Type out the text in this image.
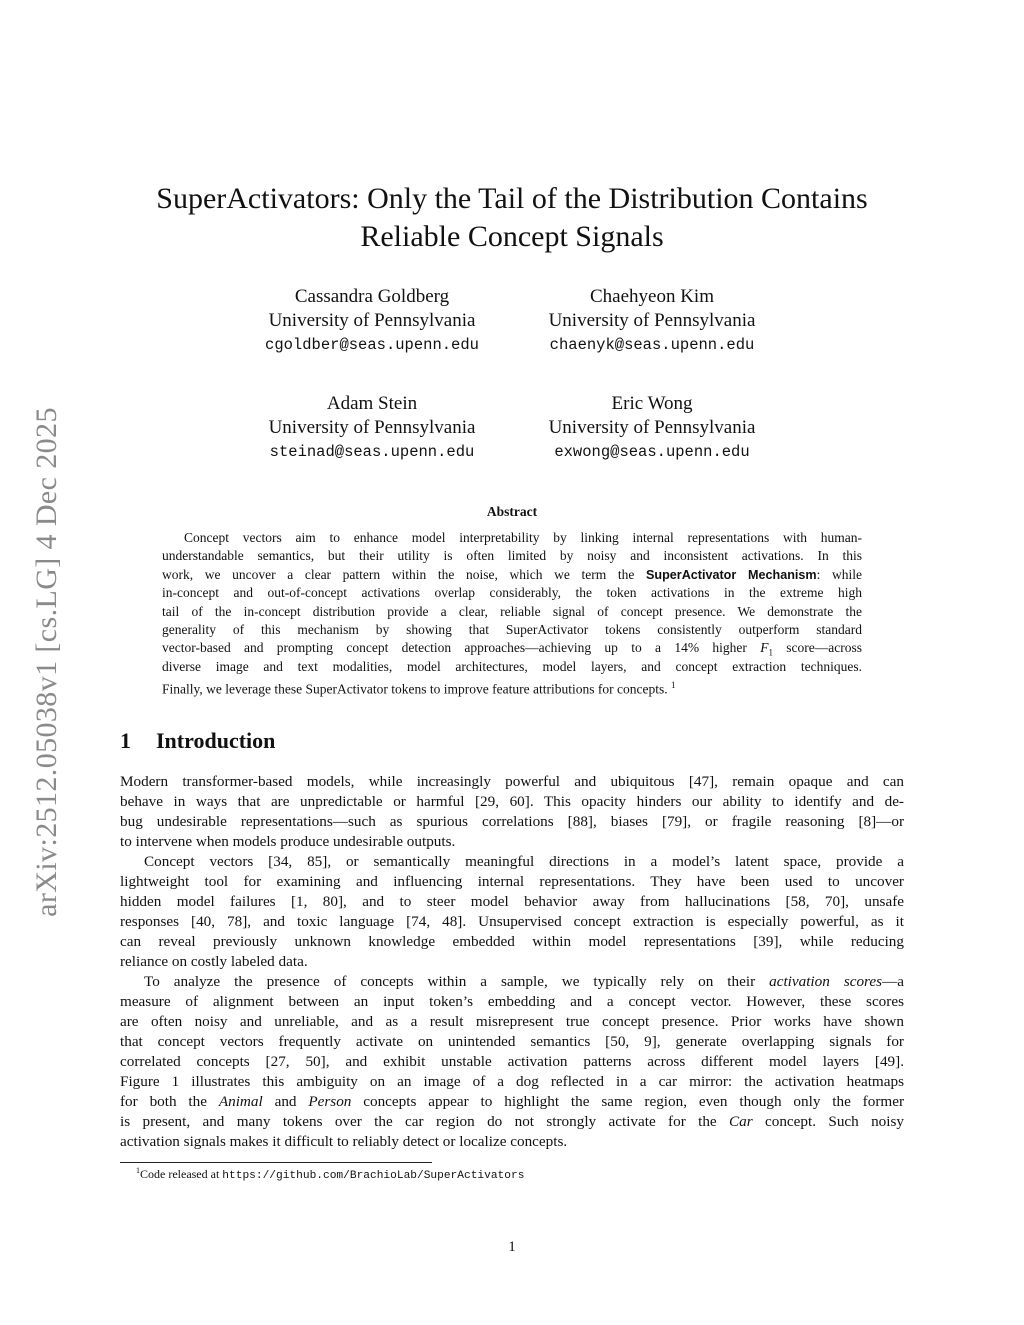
arXiv:2512.05038v1 [cs.LG] 4 Dec 2025
SuperActivators: Only the Tail of the Distribution Contains
Reliable Concept Signals
Cassandra Goldberg
University of Pennsylvania
cgoldber@seas.upenn.edu
Chaehyeon Kim
University of Pennsylvania
chaenyk@seas.upenn.edu
Adam Stein
University of Pennsylvania
steinad@seas.upenn.edu
Eric Wong
University of Pennsylvania
exwong@seas.upenn.edu
Abstract
Concept vectors aim to enhance model interpretability by linking internal representations with human-
understandable semantics, but their utility is often limited by noisy and inconsistent activations. In this
work, we uncover a clear pattern within the noise, which we term the SuperActivator Mechanism: while
in-concept and out-of-concept activations overlap considerably, the token activations in the extreme high
tail of the in-concept distribution provide a clear, reliable signal of concept presence. We demonstrate the
generality of this mechanism by showing that SuperActivator tokens consistently outperform standard
vector-based and prompting concept detection approaches—achieving up to a 14% higher $F_1$ score—across
diverse image and text modalities, model architectures, model layers, and concept extraction techniques.
Finally, we leverage these SuperActivator tokens to improve feature attributions for concepts. $^1$
1 Introduction
Modern transformer-based models, while increasingly powerful and ubiquitous [47], remain opaque and can
behave in ways that are unpredictable or harmful [29, 60]. This opacity hinders our ability to identify and de-
bug undesirable representations—such as spurious correlations [88], biases [79], or fragile reasoning [8]—or
to intervene when models produce undesirable outputs.
Concept vectors [34, 85], or semantically meaningful directions in a model’s latent space, provide a
lightweight tool for examining and influencing internal representations. They have been used to uncover
hidden model failures [1, 80], and to steer model behavior away from hallucinations [58, 70], unsafe
responses [40, 78], and toxic language [74, 48]. Unsupervised concept extraction is especially powerful, as it
can reveal previously unknown knowledge embedded within model representations [39], while reducing
reliance on costly labeled data.
To analyze the presence of concepts within a sample, we typically rely on their activation scores—a
measure of alignment between an input token’s embedding and a concept vector. However, these scores
are often noisy and unreliable, and as a result misrepresent true concept presence. Prior works have shown
that concept vectors frequently activate on unintended semantics [50, 9], generate overlapping signals for
correlated concepts [27, 50], and exhibit unstable activation patterns across different model layers [49].
Figure 1 illustrates this ambiguity on an image of a dog reflected in a car mirror: the activation heatmaps
for both the Animal and Person concepts appear to highlight the same region, even though only the former
is present, and many tokens over the car region do not strongly activate for the Car concept. Such noisy
activation signals makes it difficult to reliably detect or localize concepts.
$^1$Code released at https://github.com/BrachioLab/SuperActivators
1
